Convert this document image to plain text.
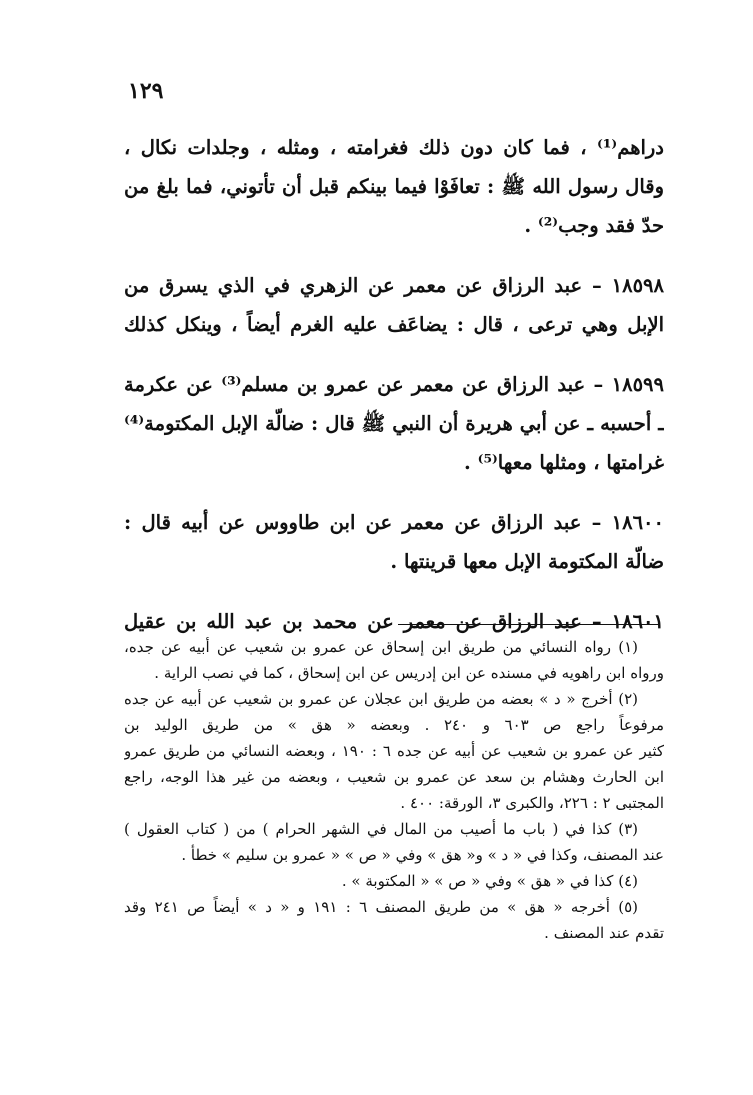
١٢٩
دراهم⁽¹⁾ ، فما كان دون ذلك فغرامته ، ومثله ، وجلدات نكال ،
وقال رسول الله ﷺ : تعافَوْا فيما بينكم قبل أن تأتوني، فما بلغ من
حدّ فقد وجب⁽²⁾ .
١٨٥٩٨ – عبد الرزاق عن معمر عن الزهري في الذي يسرق من
الإبل وهي ترعى ، قال : يضاعَف عليه الغرم أيضاً ، وينكل كذلك
١٨٥٩٩ – عبد الرزاق عن معمر عن عمرو بن مسلم⁽³⁾ عن عكرمة
ـ أحسبه ـ عن أبي هريرة أن النبي ﷺ قال : ضالّة الإبل المكتومة⁽⁴⁾
غرامتها ، ومثلها معها⁽⁵⁾ .
١٨٦٠٠ – عبد الرزاق عن معمر عن ابن طاووس عن أبيه قال :
ضالّة المكتومة الإبل معها قرينتها .
١٨٦٠١ – عبد الرزاق عن معمر عن محمد بن عبد الله بن عقيل
(١) رواه النسائي من طريق ابن إسحاق عن عمرو بن شعيب عن أبيه عن جده،
ورواه ابن راهويه في مسنده عن ابن إدريس عن ابن إسحاق ، كما في نصب الراية .
(٢) أخرج « د » بعضه من طريق ابن عجلان عن عمرو بن شعيب عن أبيه عن جده
مرفوعاً راجع ص ٦٠٣ و ٢٤٠ . وبعضه « هق » من طريق الوليد بن
كثير عن عمرو بن شعيب عن أبيه عن جده ٦ : ١٩٠ ، وبعضه النسائي من طريق عمرو
ابن الحارث وهشام بن سعد عن عمرو بن شعيب ، وبعضه من غير هذا الوجه، راجع
المجتبى ٢ : ٢٢٦، والكبرى ٣، الورقة: ٤٠٠ .
(٣) كذا في ( باب ما أصيب من المال في الشهر الحرام ) من ( كتاب العقول )
عند المصنف، وكذا في « د » و« هق » وفي « ص » « عمرو بن سليم » خطأ .
(٤) كذا في « هق » وفي « ص » « المكتوبة » .
(٥) أخرجه « هق » من طريق المصنف ٦ : ١٩١ و « د » أيضاً ص ٢٤١ وقد
تقدم عند المصنف .
